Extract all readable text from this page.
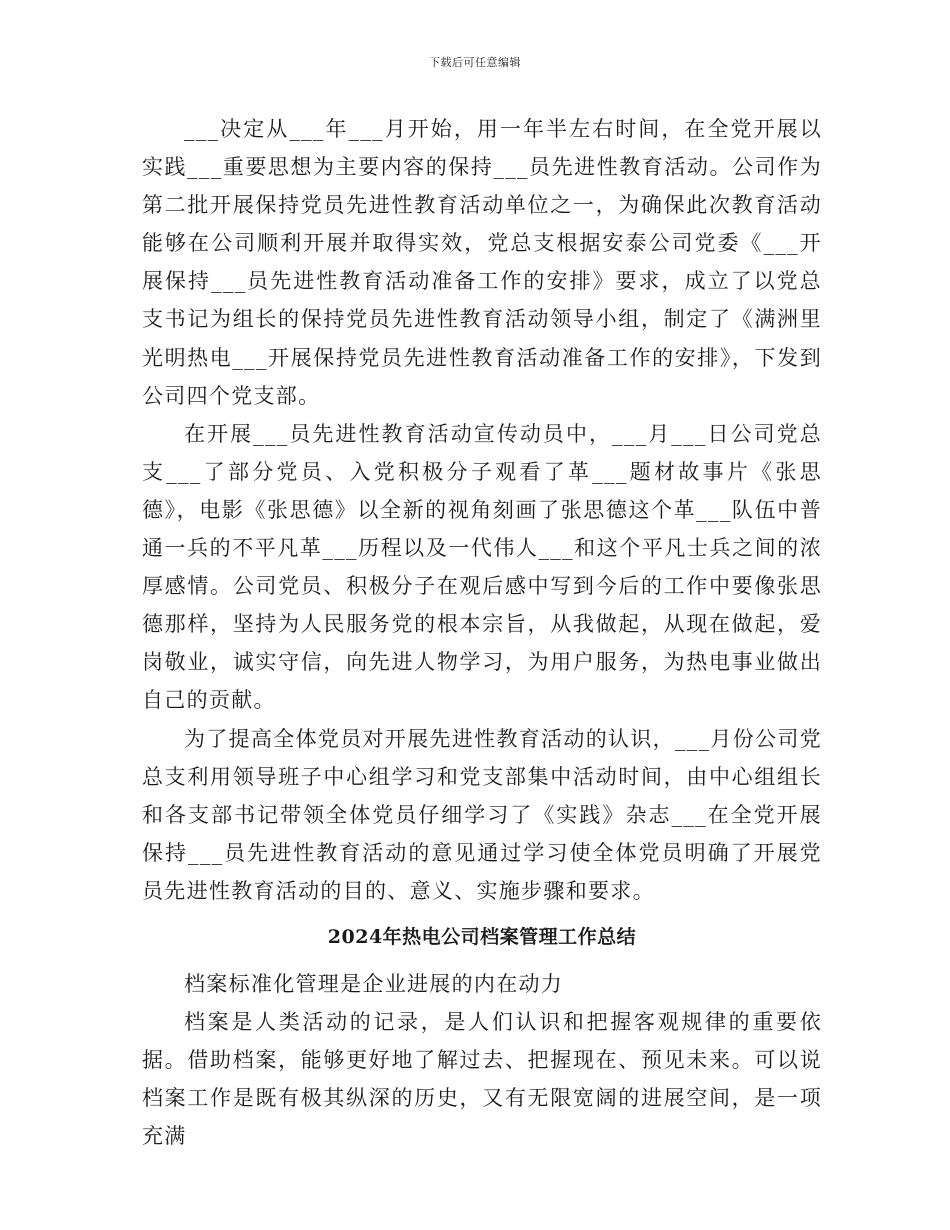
下载后可任意编辑

___决定从___年___月开始，用一年半左右时间，在全党开展以实践___重要思想为主要内容的保持___员先进性教育活动。公司作为第二批开展保持党员先进性教育活动单位之一，为确保此次教育活动能够在公司顺利开展并取得实效，党总支根据安泰公司党委《___开展保持___员先进性教育活动准备工作的安排》要求，成立了以党总支书记为组长的保持党员先进性教育活动领导小组，制定了《满洲里光明热电___开展保持党员先进性教育活动准备工作的安排》，下发到公司四个党支部。

在开展___员先进性教育活动宣传动员中，___月___日公司党总支___了部分党员、入党积极分子观看了革___题材故事片《张思德》，电影《张思德》以全新的视角刻画了张思德这个革___队伍中普通一兵的不平凡革___历程以及一代伟人___和这个平凡士兵之间的浓厚感情。公司党员、积极分子在观后感中写到今后的工作中要像张思德那样，坚持为人民服务党的根本宗旨，从我做起，从现在做起，爱岗敬业，诚实守信，向先进人物学习，为用户服务，为热电事业做出自己的贡献。

为了提高全体党员对开展先进性教育活动的认识，___月份公司党总支利用领导班子中心组学习和党支部集中活动时间，由中心组组长和各支部书记带领全体党员仔细学习了《实践》杂志___在全党开展保持___员先进性教育活动的意见通过学习使全体党员明确了开展党员先进性教育活动的目的、意义、实施步骤和要求。

2024年热电公司档案管理工作总结

档案标准化管理是企业进展的内在动力

档案是人类活动的记录，是人们认识和把握客观规律的重要依据。借助档案，能够更好地了解过去、把握现在、预见未来。可以说档案工作是既有极其纵深的历史，又有无限宽阔的进展空间，是一项充满
